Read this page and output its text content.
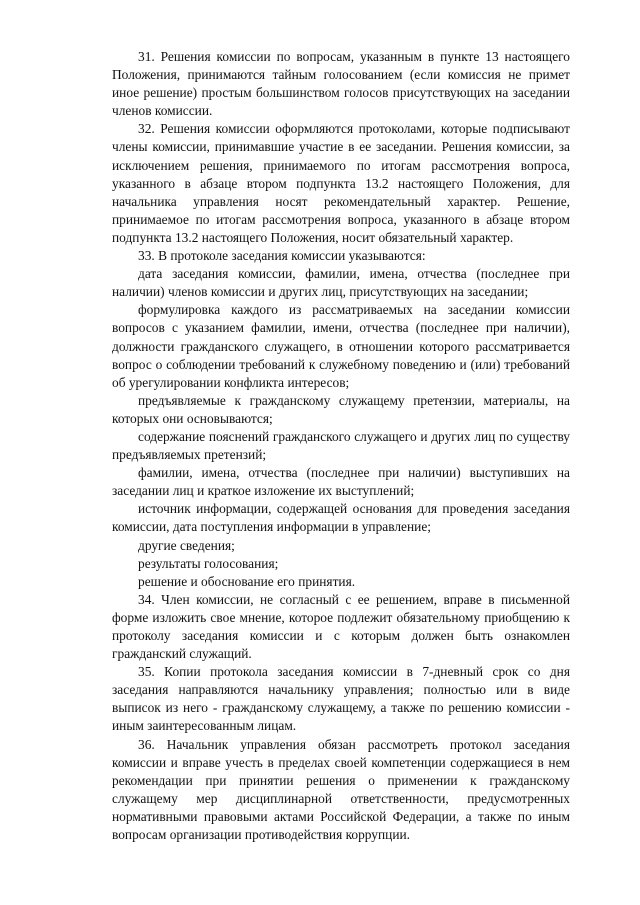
31. Решения комиссии по вопросам, указанным в пункте 13 настоящего Положения, принимаются тайным голосованием (если комиссия не примет иное решение) простым большинством голосов присутствующих на заседании членов комиссии.

32. Решения комиссии оформляются протоколами, которые подписывают члены комиссии, принимавшие участие в ее заседании. Решения комиссии, за исключением решения, принимаемого по итогам рассмотрения вопроса, указанного в абзаце втором подпункта 13.2 настоящего Положения, для начальника управления носят рекомендательный характер. Решение, принимаемое по итогам рассмотрения вопроса, указанного в абзаце втором подпункта 13.2 настоящего Положения, носит обязательный характер.

33. В протоколе заседания комиссии указываются:

дата заседания комиссии, фамилии, имена, отчества (последнее при наличии) членов комиссии и других лиц, присутствующих на заседании;

формулировка каждого из рассматриваемых на заседании комиссии вопросов с указанием фамилии, имени, отчества (последнее при наличии), должности гражданского служащего, в отношении которого рассматривается вопрос о соблюдении требований к служебному поведению и (или) требований об урегулировании конфликта интересов;

предъявляемые к гражданскому служащему претензии, материалы, на которых они основываются;

содержание пояснений гражданского служащего и других лиц по существу предъявляемых претензий;

фамилии, имена, отчества (последнее при наличии) выступивших на заседании лиц и краткое изложение их выступлений;

источник информации, содержащей основания для проведения заседания комиссии, дата поступления информации в управление;

другие сведения;

результаты голосования;

решение и обоснование его принятия.

34. Член комиссии, не согласный с ее решением, вправе в письменной форме изложить свое мнение, которое подлежит обязательному приобщению к протоколу заседания комиссии и с которым должен быть ознакомлен гражданский служащий.

35. Копии протокола заседания комиссии в 7-дневный срок со дня заседания направляются начальнику управления; полностью или в виде выписок из него - гражданскому служащему, а также по решению комиссии - иным заинтересованным лицам.

36. Начальник управления обязан рассмотреть протокол заседания комиссии и вправе учесть в пределах своей компетенции содержащиеся в нем рекомендации при принятии решения о применении к гражданскому служащему мер дисциплинарной ответственности, предусмотренных нормативными правовыми актами Российской Федерации, а также по иным вопросам организации противодействия коррупции.
